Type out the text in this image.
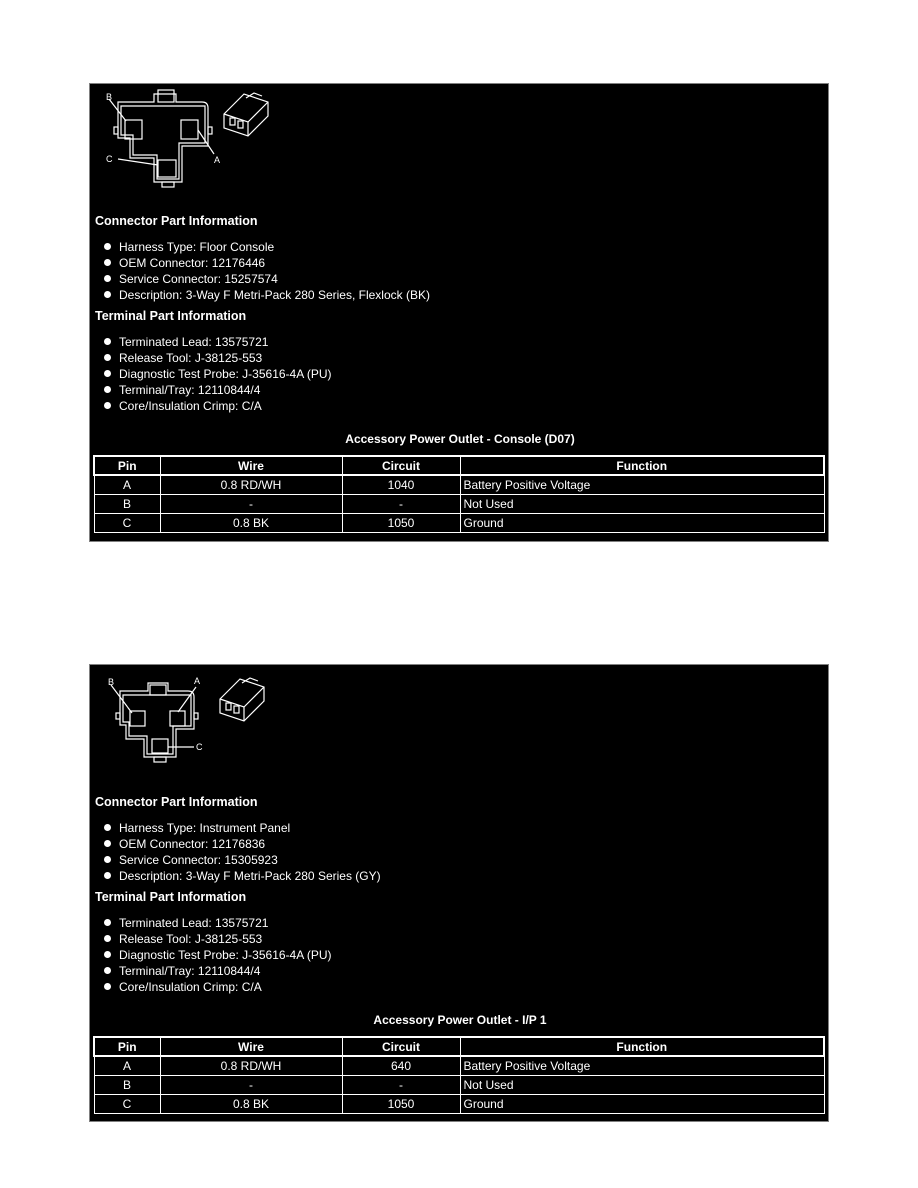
B
A
C
Connector Part Information
Harness Type: Floor Console
OEM Connector: 12176446
Service Connector: 15257574
Description: 3-Way F Metri-Pack 280 Series, Flexlock (BK)
Terminal Part Information
Terminated Lead: 13575721
Release Tool: J-38125-553
Diagnostic Test Probe: J-35616-4A (PU)
Terminal/Tray: 12110844/4
Core/Insulation Crimp: C/A
Accessory Power Outlet - Console (D07)
Pin	Wire	Circuit	Function
A	0.8 RD/WH	1040	Battery Positive Voltage
B	-	-	Not Used
C	0.8 BK	1050	Ground
B	A
C
Connector Part Information
Harness Type: Instrument Panel
OEM Connector: 12176836
Service Connector: 15305923
Description: 3-Way F Metri-Pack 280 Series (GY)
Terminal Part Information
Terminated Lead: 13575721
Release Tool: J-38125-553
Diagnostic Test Probe: J-35616-4A (PU)
Terminal/Tray: 12110844/4
Core/Insulation Crimp: C/A
Accessory Power Outlet - I/P 1
Pin	Wire	Circuit	Function
A	0.8 RD/WH	640	Battery Positive Voltage
B	-	-	Not Used
C	0.8 BK	1050	Ground
